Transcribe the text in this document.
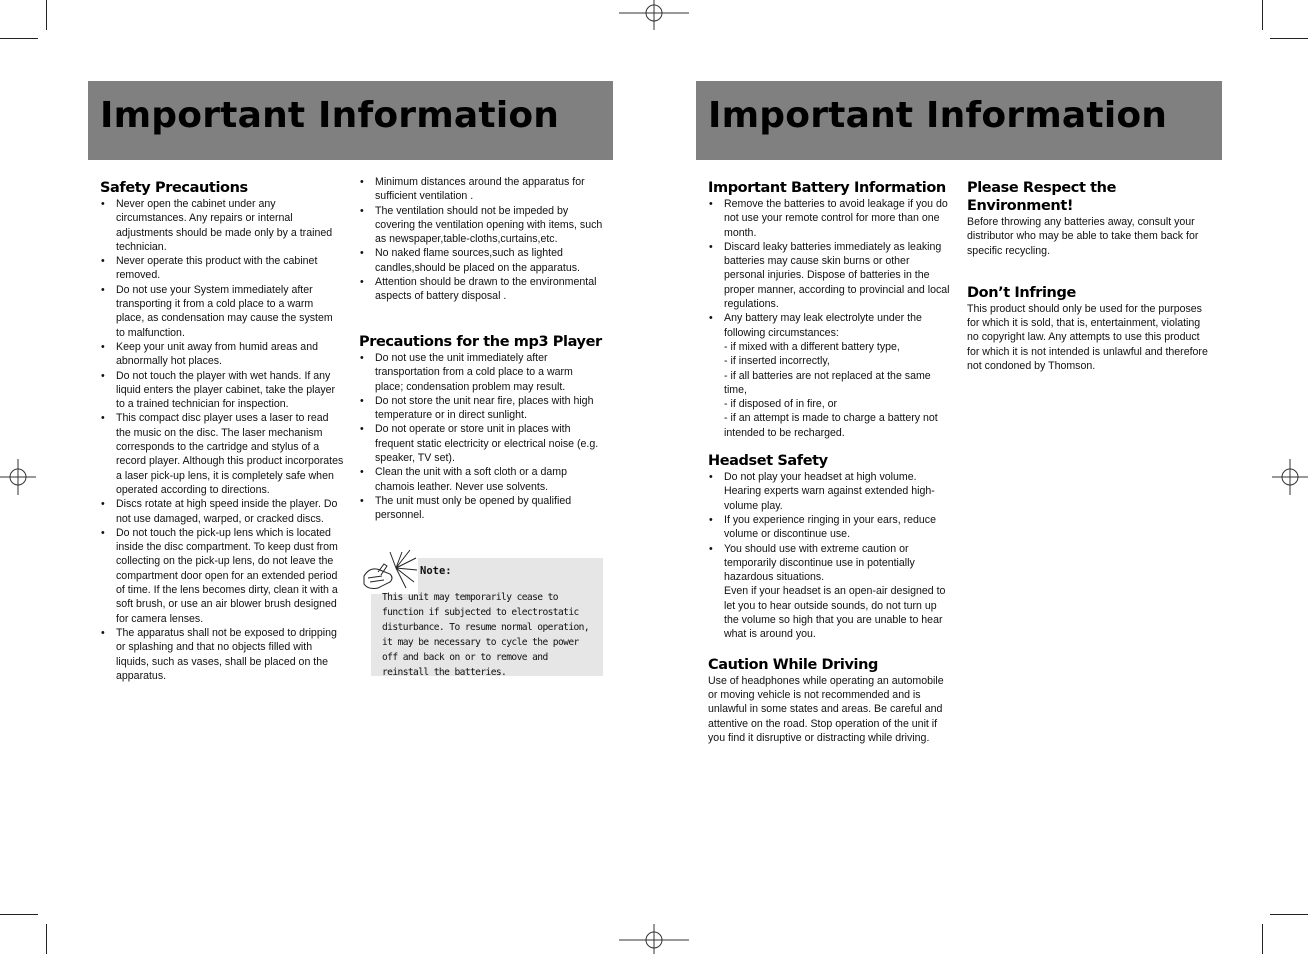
Important Information
Safety Precautions
• Never open the cabinet under any circumstances. Any repairs or internal adjustments should be made only by a trained technician.
• Never operate this product with the cabinet removed.
• Do not use your System immediately after transporting it from a cold place to a warm place, as condensation may cause the system to malfunction.
• Keep your unit away from humid areas and abnormally hot places.
• Do not touch the player with wet hands. If any liquid enters the player cabinet, take the player to a trained technician for inspection.
• This compact disc player uses a laser to read the music on the disc. The laser mechanism corresponds to the cartridge and stylus of a record player. Although this product incorporates a laser pick-up lens, it is completely safe when operated according to directions.
• Discs rotate at high speed inside the player. Do not use damaged, warped, or cracked discs.
• Do not touch the pick-up lens which is located inside the disc compartment. To keep dust from collecting on the pick-up lens, do not leave the compartment door open for an extended period of time. If the lens becomes dirty, clean it with a soft brush, or use an air blower brush designed for camera lenses.
• The apparatus shall not be exposed to dripping or splashing and that no objects filled with liquids, such as vases, shall be placed on the apparatus.
• Minimum distances around the apparatus for sufficient ventilation .
• The ventilation should not be impeded by covering the ventilation opening with items, such as newspaper,table-cloths,curtains,etc.
• No naked flame sources,such as lighted candles,should be placed on the apparatus.
• Attention should be drawn to the environmental aspects of battery disposal .
Precautions for the mp3 Player
• Do not use the unit immediately after transportation from a cold place to a warm place; condensation problem may result.
• Do not store the unit near fire, places with high temperature or in direct sunlight.
• Do not operate or store unit in places with frequent static electricity or electrical noise (e.g. speaker, TV set).
• Clean the unit with a soft cloth or a damp chamois leather. Never use solvents.
• The unit must only be opened by qualified personnel.
Note:
This unit may temporarily cease to function if subjected to electrostatic disturbance. To resume normal operation, it may be necessary to cycle the power off and back on or to remove and reinstall the batteries.
Important Information
Important Battery Information
• Remove the batteries to avoid leakage if you do not use your remote control for more than one month.
• Discard leaky batteries immediately as leaking batteries may cause skin burns or other personal injuries. Dispose of batteries in the proper manner, according to provincial and local regulations.
• Any battery may leak electrolyte under the following circumstances:
- if mixed with a different battery type,
- if inserted incorrectly,
- if all batteries are not replaced at the same time,
- if disposed of in fire, or
- if an attempt is made to charge a battery not intended to be recharged.
Headset Safety
• Do not play your headset at high volume. Hearing experts warn against extended high-volume play.
• If you experience ringing in your ears, reduce volume or discontinue use.
• You should use with extreme caution or temporarily discontinue use in potentially hazardous situations.
Even if your headset is an open-air designed to let you to hear outside sounds, do not turn up the volume so high that you are unable to hear what is around you.
Caution While Driving

Use of headphones while operating an automobile or moving vehicle is not recommended and is unlawful in some states and areas. Be careful and attentive on the road. Stop operation of the unit if you find it disruptive or distracting while driving.

Please Respect the Environment!

Before throwing any batteries away, consult your distributor who may be able to take them back for specific recycling.

Don’t Infringe

This product should only be used for the purposes for which it is sold, that is, entertainment, violating no copyright law. Any attempts to use this product for which it is not intended is unlawful and therefore not condoned by Thomson.
